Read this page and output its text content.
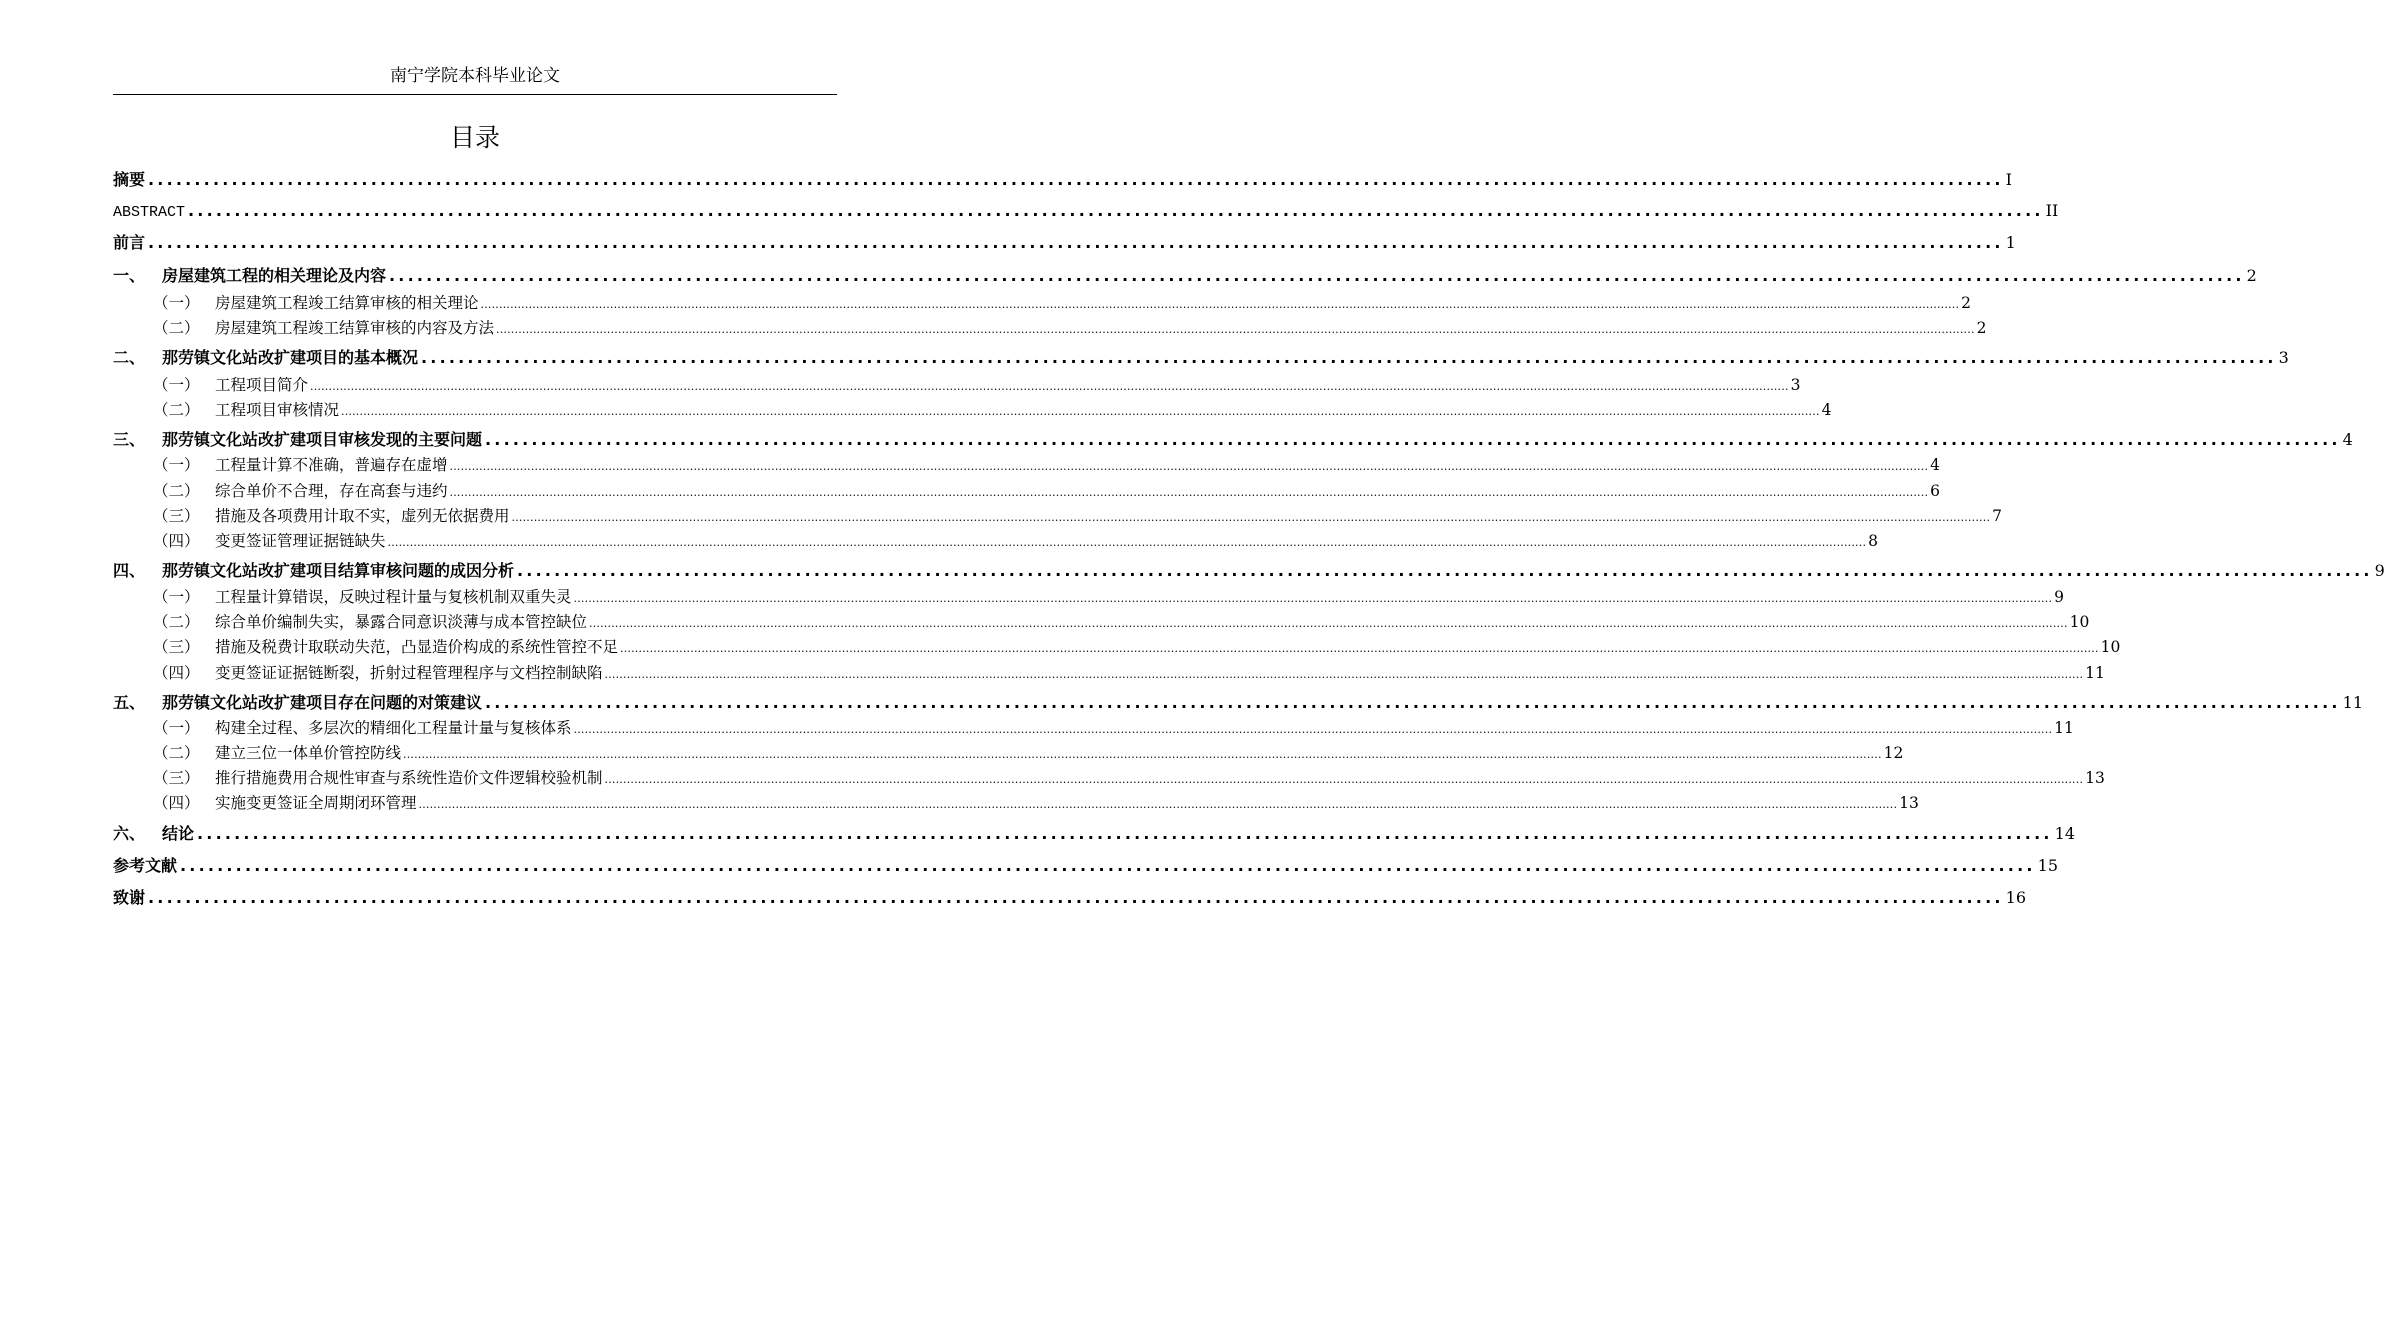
南宁学院本科毕业论文
目录
摘要 ........................................................................................................................................................................................................ I
ABSTRACT ........................................................................................................................................................................................................ II
前言 ........................................................................................................................................................................................................ 1
一、	房屋建筑工程的相关理论及内容 ........................................................................................................................................................................................................ 2
（一） 房屋建筑工程竣工结算审核的相关理论 ................................................................................................................................................................................................................................................................................................................................................................................................................ 2
（二） 房屋建筑工程竣工结算审核的内容及方法 ................................................................................................................................................................................................................................................................................................................................................................................................................ 2
二、	那劳镇文化站改扩建项目的基本概况 ........................................................................................................................................................................................................ 3
（一） 工程项目简介 ................................................................................................................................................................................................................................................................................................................................................................................................................ 3
（二） 工程项目审核情况 ................................................................................................................................................................................................................................................................................................................................................................................................................ 4
三、	那劳镇文化站改扩建项目审核发现的主要问题 ........................................................................................................................................................................................................ 4
（一） 工程量计算不准确，普遍存在虚增 ................................................................................................................................................................................................................................................................................................................................................................................................................ 4
（二） 综合单价不合理，存在高套与违约 ................................................................................................................................................................................................................................................................................................................................................................................................................ 6
（三） 措施及各项费用计取不实，虚列无依据费用 ................................................................................................................................................................................................................................................................................................................................................................................................................ 7
（四） 变更签证管理证据链缺失 ................................................................................................................................................................................................................................................................................................................................................................................................................ 8
四、	那劳镇文化站改扩建项目结算审核问题的成因分析 ........................................................................................................................................................................................................ 9
（一） 工程量计算错误，反映过程计量与复核机制双重失灵 ................................................................................................................................................................................................................................................................................................................................................................................................................ 9
（二） 综合单价编制失实，暴露合同意识淡薄与成本管控缺位 ................................................................................................................................................................................................................................................................................................................................................................................................................ 10
（三） 措施及税费计取联动失范，凸显造价构成的系统性管控不足 ................................................................................................................................................................................................................................................................................................................................................................................................................ 10
（四） 变更签证证据链断裂，折射过程管理程序与文档控制缺陷 ................................................................................................................................................................................................................................................................................................................................................................................................................ 11
五、	那劳镇文化站改扩建项目存在问题的对策建议 ........................................................................................................................................................................................................ 11
（一） 构建全过程、多层次的精细化工程量计量与复核体系 ................................................................................................................................................................................................................................................................................................................................................................................................................ 11
（二） 建立三位一体单价管控防线 ................................................................................................................................................................................................................................................................................................................................................................................................................ 12
（三） 推行措施费用合规性审查与系统性造价文件逻辑校验机制 ................................................................................................................................................................................................................................................................................................................................................................................................................ 13
（四） 实施变更签证全周期闭环管理 ................................................................................................................................................................................................................................................................................................................................................................................................................ 13
六、	结论 ........................................................................................................................................................................................................ 14
参考文献 ........................................................................................................................................................................................................ 15
致谢 ........................................................................................................................................................................................................ 16
